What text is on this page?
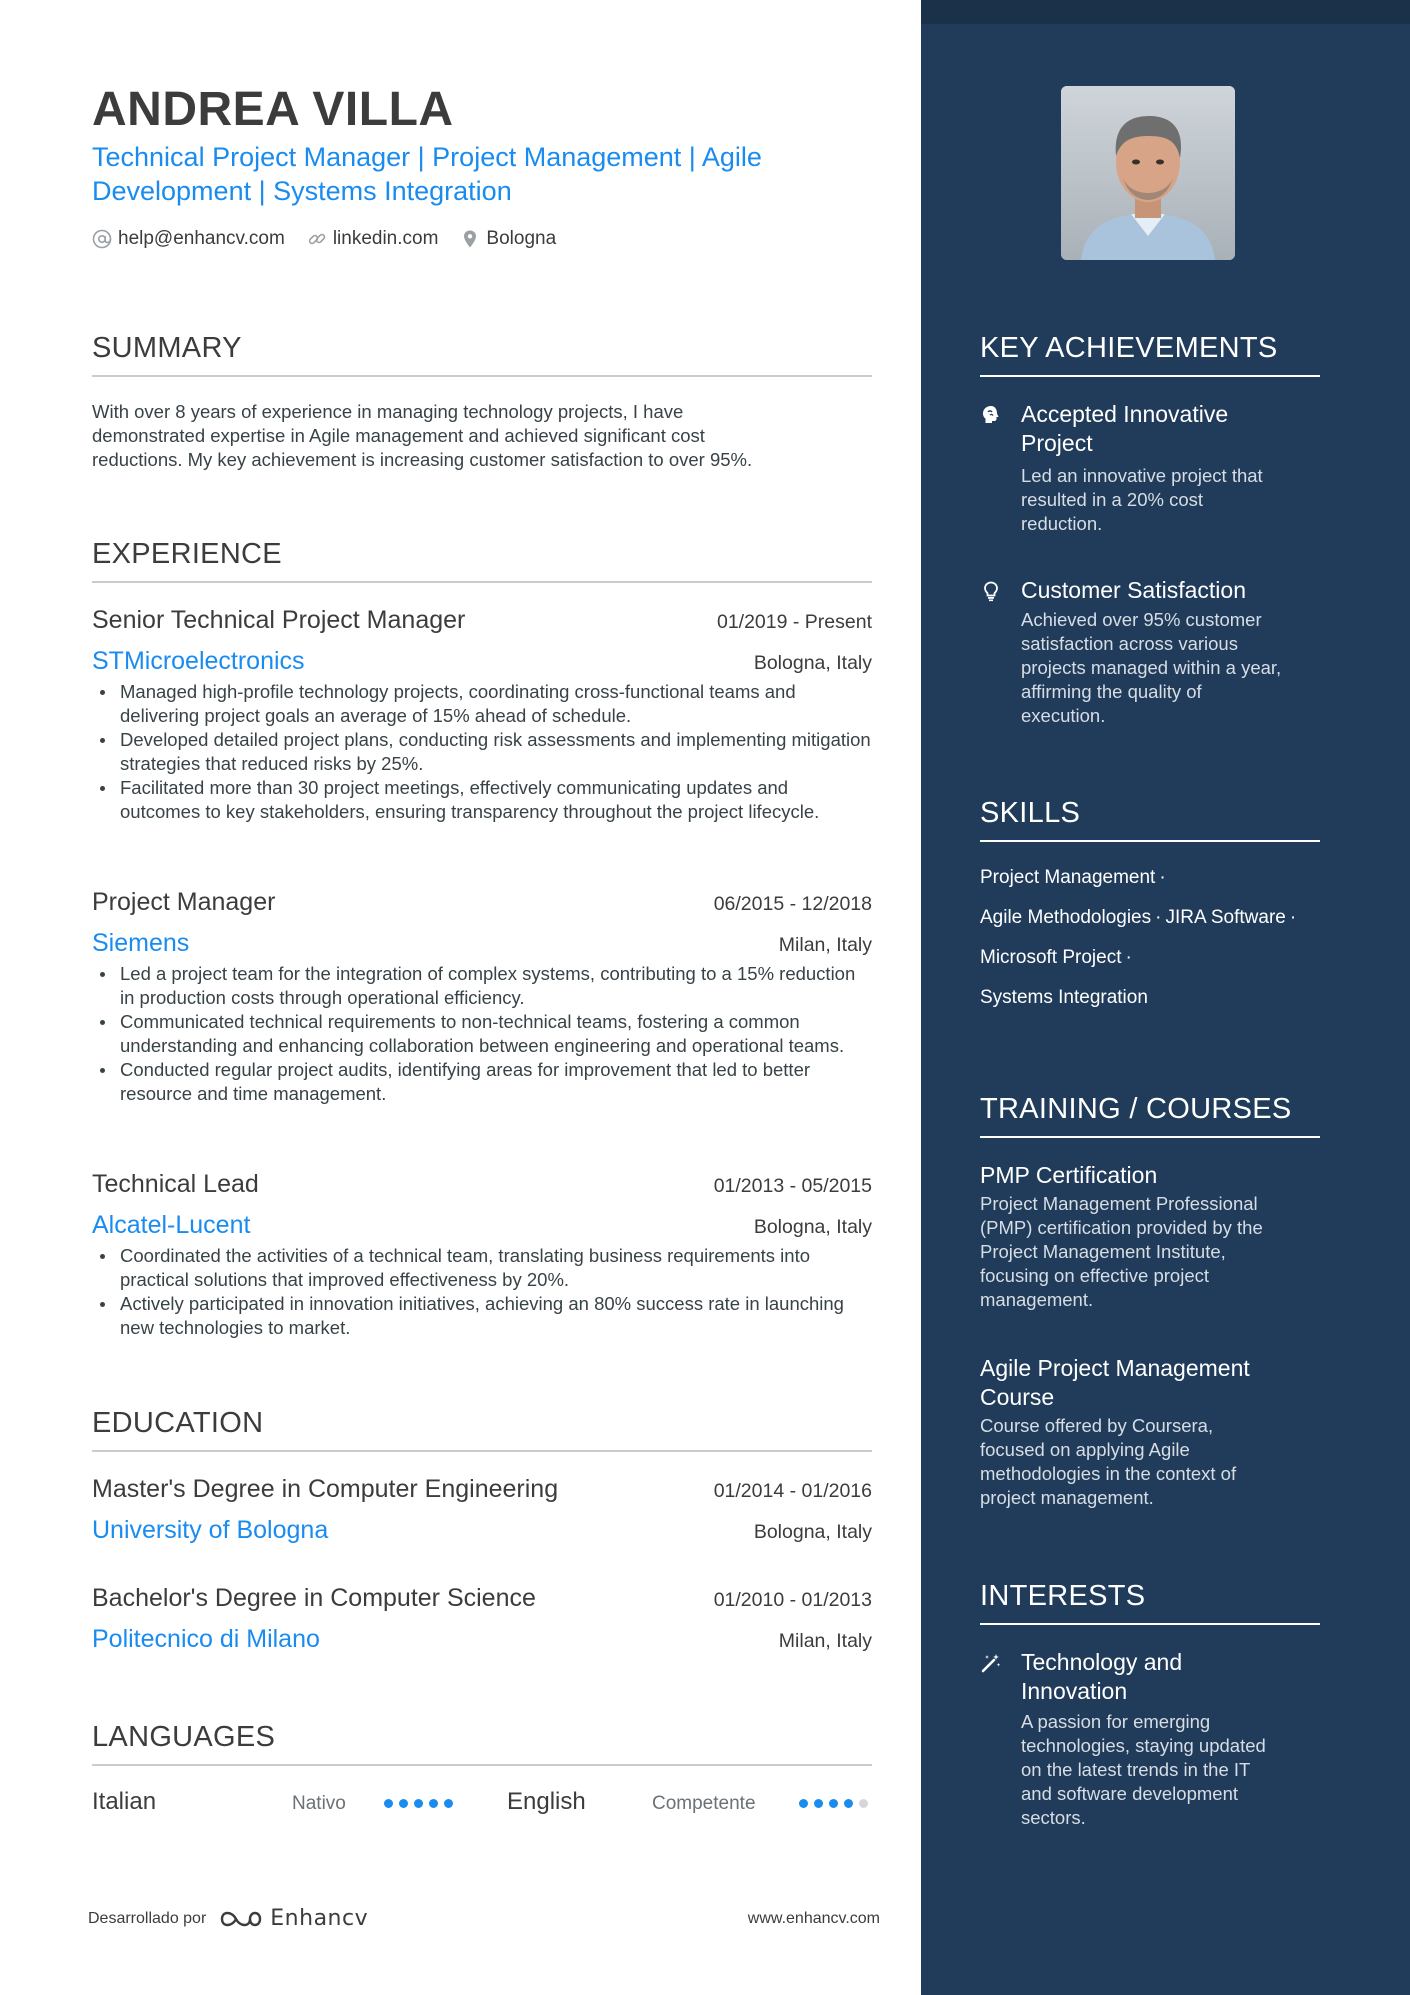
ANDREA VILLA
Technical Project Manager | Project Management | Agile
Development | Systems Integration
help@enhancv.com	linkedin.com	Bologna
SUMMARY
With over 8 years of experience in managing technology projects, I have
demonstrated expertise in Agile management and achieved significant cost
reductions. My key achievement is increasing customer satisfaction to over 95%.
EXPERIENCE
Senior Technical Project Manager	01/2019 - Present
STMicroelectronics	Bologna, Italy
Managed high-profile technology projects, coordinating cross-functional teams and delivering project goals an average of 15% ahead of schedule.
Developed detailed project plans, conducting risk assessments and implementing mitigation strategies that reduced risks by 25%.
Facilitated more than 30 project meetings, effectively communicating updates and outcomes to key stakeholders, ensuring transparency throughout the project lifecycle.
Project Manager	06/2015 - 12/2018
Siemens	Milan, Italy
Led a project team for the integration of complex systems, contributing to a 15% reduction in production costs through operational efficiency.
Communicated technical requirements to non-technical teams, fostering a common understanding and enhancing collaboration between engineering and operational teams.
Conducted regular project audits, identifying areas for improvement that led to better resource and time management.
Technical Lead	01/2013 - 05/2015
Alcatel-Lucent	Bologna, Italy
Coordinated the activities of a technical team, translating business requirements into practical solutions that improved effectiveness by 20%.
Actively participated in innovation initiatives, achieving an 80% success rate in launching new technologies to market.
EDUCATION
Master's Degree in Computer Engineering	01/2014 - 01/2016
University of Bologna	Bologna, Italy
Bachelor's Degree in Computer Science	01/2010 - 01/2013
Politecnico di Milano	Milan, Italy
LANGUAGES
Italian	Nativo	English	Competente
Desarrollado por	Enhancv	www.enhancv.com
KEY ACHIEVEMENTS
Accepted Innovative
Project
Led an innovative project that
resulted in a 20% cost
reduction.
Customer Satisfaction
Achieved over 95% customer
satisfaction across various
projects managed within a year,
affirming the quality of
execution.
SKILLS
Project Management ·
Agile Methodologies · JIRA Software ·
Microsoft Project ·
Systems Integration
TRAINING / COURSES
PMP Certification
Project Management Professional
(PMP) certification provided by the
Project Management Institute,
focusing on effective project
management.
Agile Project Management
Course
Course offered by Coursera,
focused on applying Agile
methodologies in the context of
project management.
INTERESTS
Technology and
Innovation
A passion for emerging
technologies, staying updated
on the latest trends in the IT
and software development
sectors.
